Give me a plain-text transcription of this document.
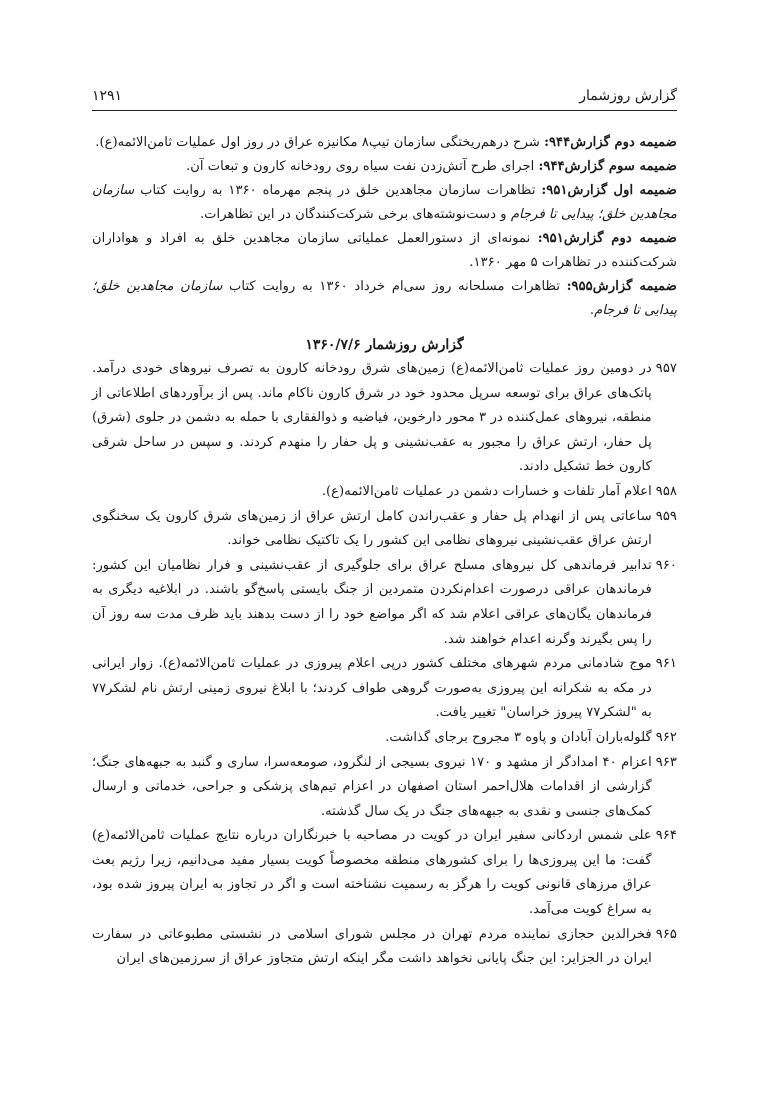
گزارش روزشمار
۱۲۹۱

ضمیمه دوم گزارش۹۴۴: شرح درهم‌ریختگی سازمان تیپ۸ مکانیزه عراق در روز اول عملیات ثامن‌الائمه(ع).

ضمیمه سوم گزارش۹۴۴: اجرای طرح آتش‌زدن نفت سیاه روی رودخانه کارون و تبعات آن.

ضمیمه اول گزارش۹۵۱: تظاهرات سازمان مجاهدین خلق در پنجم مهرماه ۱۳۶۰ به روایت کتاب سازمان مجاهدین خلق؛ پیدایی تا فرجام و دست‌نوشته‌های برخی شرکت‌کنندگان در این تظاهرات.

ضمیمه دوم گزارش۹۵۱: نمونه‌ای از دستورالعمل عملیاتی سازمان مجاهدین خلق به افراد و هواداران شرکت‌کننده در تظاهرات ۵ مهر ۱۳۶۰.

ضمیمه گزارش۹۵۵: تظاهرات مسلحانه روز سی‌ام خرداد ۱۳۶۰ به روایت کتاب سازمان مجاهدین خلق؛ پیدایی تا فرجام.

گزارش روزشمار ۱۳۶۰/۷/۶
۹۵۷
در دومین روز عملیات ثامن‌الائمه(ع) زمین‌های شرق رودخانه کارون به تصرف نیروهای خودی درآمد. پاتک‌های عراق برای توسعه سرپل محدود خود در شرق کارون ناکام ماند. پس از برآوردهای اطلاعاتی از منطقه، نیروهای عمل‌کننده در ۳ محور دارخوین، فیاضیه و ذوالفقاری با حمله به دشمن در جلوی (شرق) پل حفار، ارتش عراق را مجبور به عقب‌نشینی و پل حفار را منهدم کردند. و سپس در ساحل شرقی کارون خط تشکیل دادند.
۹۵۸
اعلام آمار تلفات و خسارات دشمن در عملیات ثامن‌الائمه(ع).
۹۵۹
ساعاتی پس از انهدام پل حفار و عقب‌راندن کامل ارتش عراق از زمین‌های شرق کارون یک سخنگوی ارتش عراق عقب‌نشینی نیروهای نظامی این کشور را یک تاکتیک نظامی خواند.
۹۶۰
تدابیر فرماندهی کل نیروهای مسلح عراق برای جلوگیری از عقب‌نشینی و فرار نظامیان این کشور: فرماندهان عراقی درصورت اعدام‌نکردن متمردین از جنگ بایستی پاسخ‌گو باشند. در ابلاغیه دیگری به فرماندهان یگان‌های عراقی اعلام شد که اگر مواضع خود را از دست بدهند باید ظرف مدت سه روز آن را پس بگیرند وگرنه اعدام خواهند شد.
۹۶۱
موج شادمانی مردم شهرهای مختلف کشور درپی اعلام پیروزی در عملیات ثامن‌الائمه(ع). زوار ایرانی در مکه به شکرانه این پیروزی به‌صورت گروهی طواف کردند؛ با ابلاغ نیروی زمینی ارتش نام لشکر۷۷ به "لشکر۷۷ پیروز خراسان" تغییر یافت.
۹۶۲
گلوله‌باران آبادان و پاوه ۳ مجروح برجای گذاشت.
۹۶۳
اعزام ۴۰ امدادگر از مشهد و ۱۷۰ نیروی بسیجی از لنگرود، صومعه‌سرا، ساری و گنبد به جبهه‌های جنگ؛ گزارشی از اقدامات هلال‌احمر استان اصفهان در اعزام تیم‌های پزشکی و جراحی، خدماتی و ارسال کمک‌های جنسی و نقدی به جبهه‌های جنگ در یک سال گذشته.
۹۶۴
علی شمس اردکانی سفیر ایران در کویت در مصاحبه با خبرنگاران درباره نتایج عملیات ثامن‌الائمه(ع) گفت: ما این پیروزی‌ها را برای کشورهای منطقه مخصوصاً کویت بسیار مفید می‌دانیم، زیرا رژیم بعث عراق مرزهای قانونی کویت را هرگز به رسمیت نشناخته است و اگر در تجاوز به ایران پیروز شده بود، به سراغ کویت می‌آمد.
۹۶۵
فخرالدین حجازی نماینده مردم تهران در مجلس شورای اسلامی در نشستی مطبوعاتی در سفارت ایران در الجزایر: این جنگ پایانی نخواهد داشت مگر اینکه ارتش متجاوز عراق از سرزمین‌های ایران
